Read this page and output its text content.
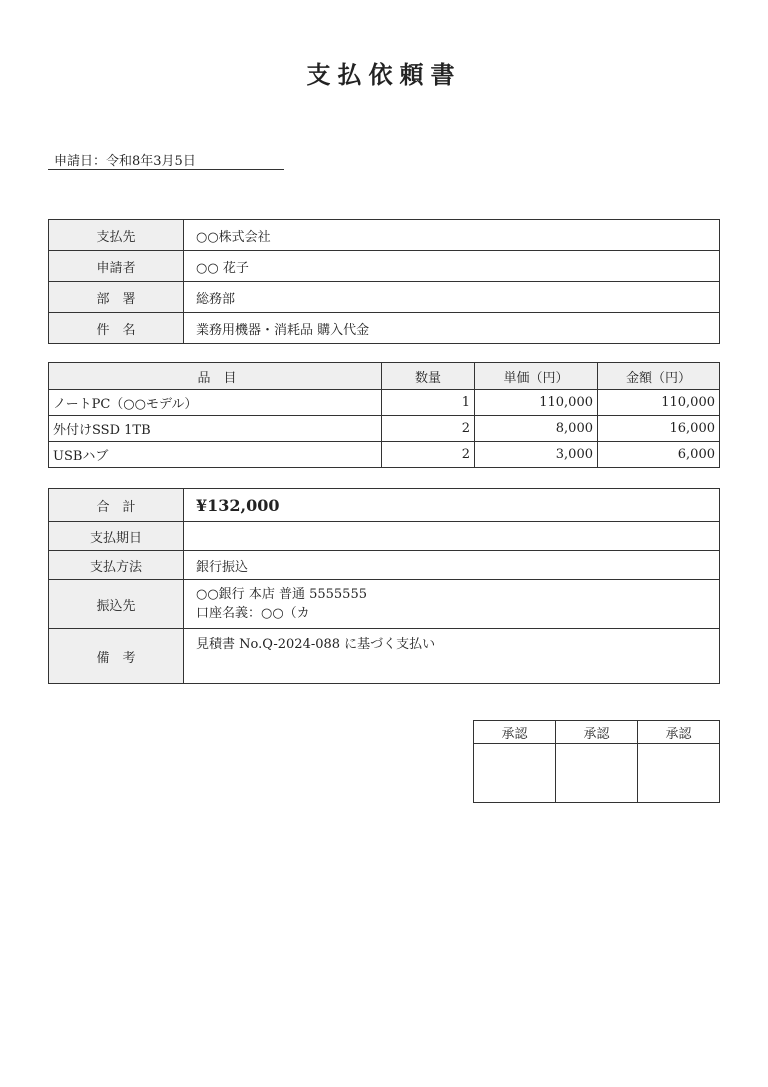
支払依頼書
申請日：令和8年3月5日
支払先	○○株式会社
申請者	○○ 花子
部　署	総務部
件　名	業務用機器・消耗品 購入代金
品　目	数量	単価（円）	金額（円）
ノートPC（○○モデル）	1	110,000	110,000
外付けSSD 1TB	2	8,000	16,000
USBハブ	2	3,000	6,000
合　計	¥132,000
支払期日	
支払方法	銀行振込
振込先	○○銀行 本店 普通 5555555
口座名義：○○（カ

備　考	見積書 No.Q-2024-088 に基づく支払い
承認	承認	承認
